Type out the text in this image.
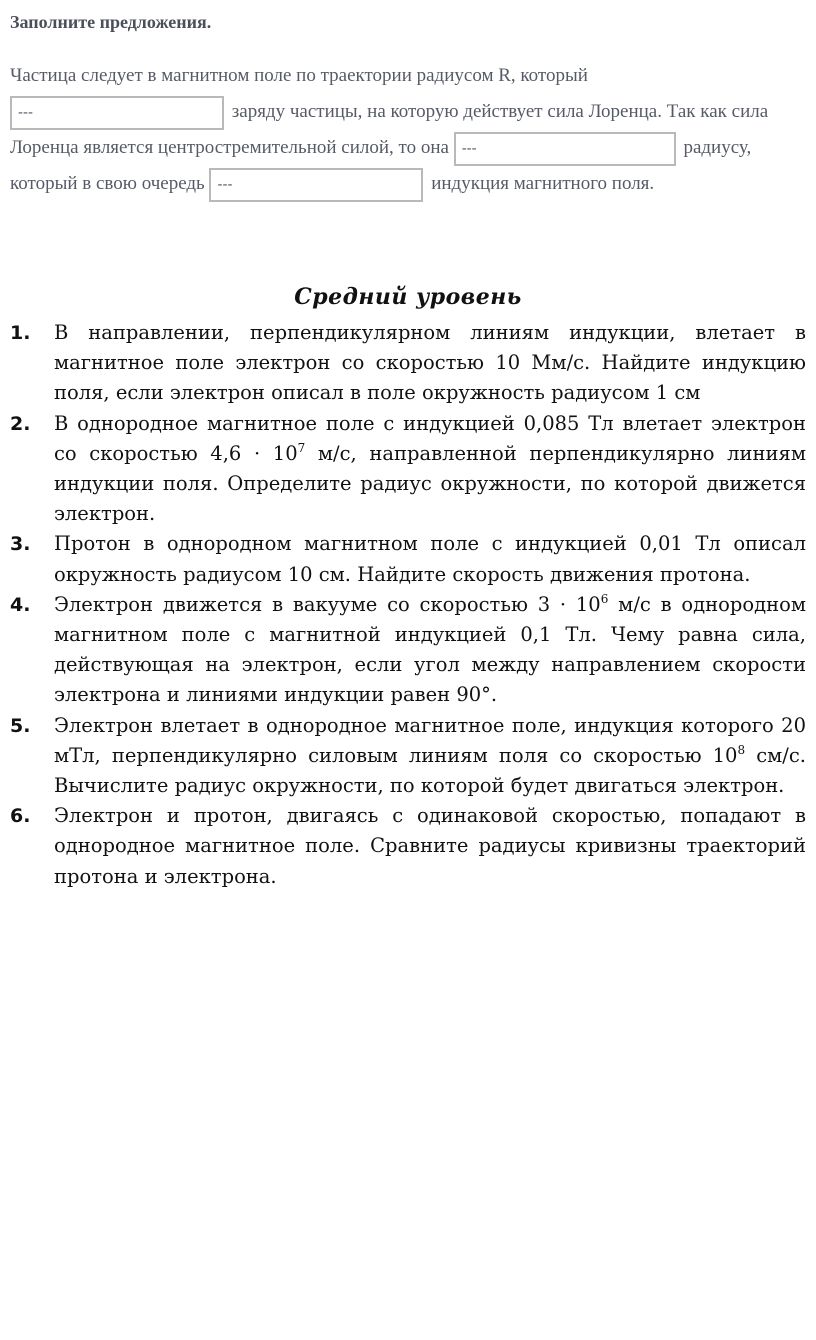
Заполните предложения.
Частица следует в магнитном поле по траектории радиусом R, который
--- заряду частицы, на которую действует сила Лоренца. Так как сила Лоренца является центростремительной силой, то она ---	радиусу, который в свою очередь ---	индукция магнитного поля.
Средний уровень
1. В направлении, перпендикулярном линиям индукции, влетает в магнитное поле электрон со скоростью 10 Мм/с. Найдите индукцию поля, если электрон описал в поле окружность радиусом 1 см
2. В однородное магнитное поле с индукцией 0,085 Тл влетает электрон со скоростью $4,6 \cdot 10^7$ м/с, направленной перпендикулярно линиям индукции поля. Определите радиус окружности, по которой движется электрон.
3. Протон в однородном магнитном поле с индукцией 0,01 Тл описал окружность радиусом 10 см. Найдите скорость движения протона.
4. Электрон движется в вакууме со скоростью $3 \cdot 10^6$ м/с в однородном магнитном поле с магнитной индукцией 0,1 Тл. Чему равна сила, действующая на электрон, если угол между направлением скорости электрона и линиями индукции равен 90°.
5. Электрон влетает в однородное магнитное поле, индукция которого 20 мТл, перпендикулярно силовым линиям поля со скоростью $10^8$ см/с. Вычислите радиус окружности, по которой будет двигаться электрон.
6. Электрон и протон, двигаясь с одинаковой скоростью, попадают в однородное магнитное поле. Сравните радиусы кривизны траекторий протона и электрона.
